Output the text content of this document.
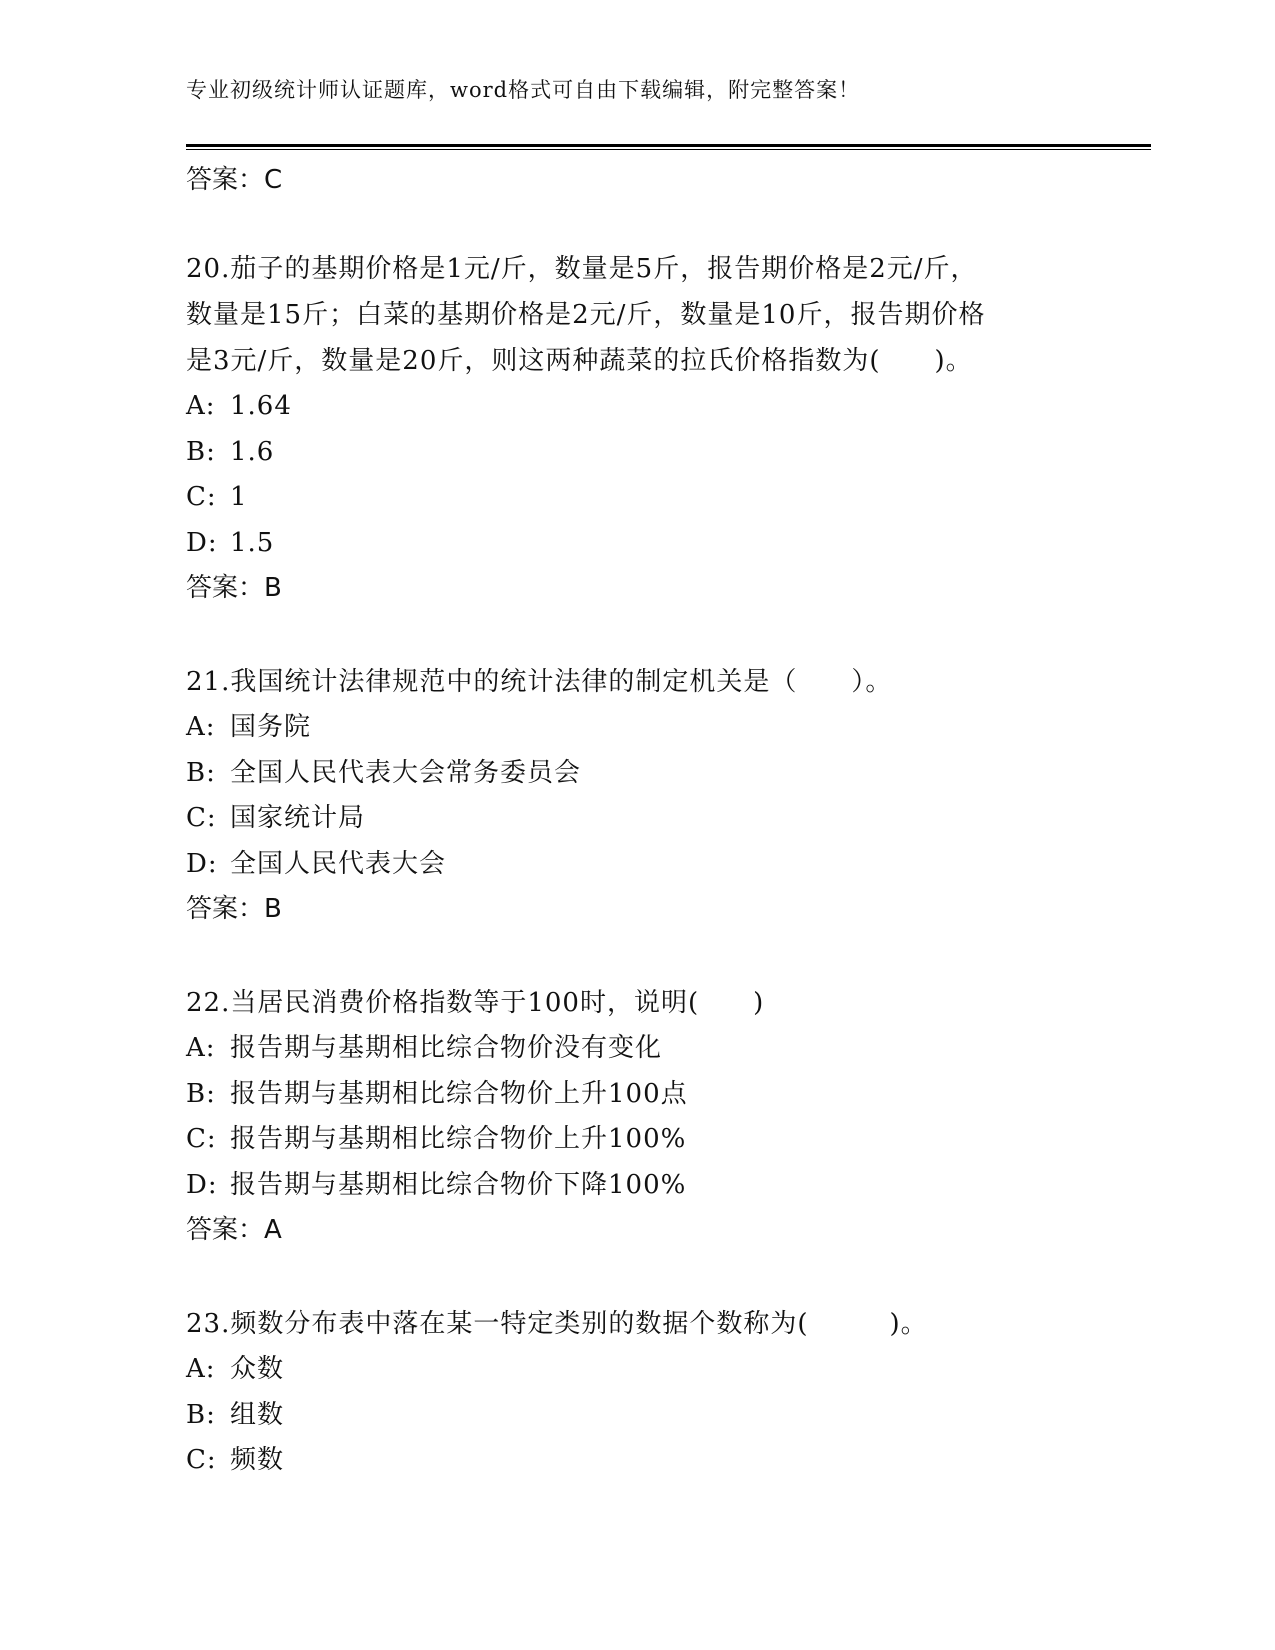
专业初级统计师认证题库，word格式可自由下载编辑，附完整答案！
答案：C
20.茄子的基期价格是1元/斤，数量是5斤，报告期价格是2元/斤，
数量是15斤；白菜的基期价格是2元/斤，数量是10斤，报告期价格
是3元/斤，数量是20斤，则这两种蔬菜的拉氏价格指数为(　　)。
A: 1.64
B: 1.6
C: 1
D: 1.5
答案：B
21.我国统计法律规范中的统计法律的制定机关是（　　）。
A: 国务院
B: 全国人民代表大会常务委员会
C: 国家统计局
D: 全国人民代表大会
答案：B
22.当居民消费价格指数等于100时，说明(　　)
A: 报告期与基期相比综合物价没有变化
B: 报告期与基期相比综合物价上升100点
C: 报告期与基期相比综合物价上升100%
D: 报告期与基期相比综合物价下降100%
答案：A
23.频数分布表中落在某一特定类别的数据个数称为(　　　)。
A: 众数
B: 组数
C: 频数
